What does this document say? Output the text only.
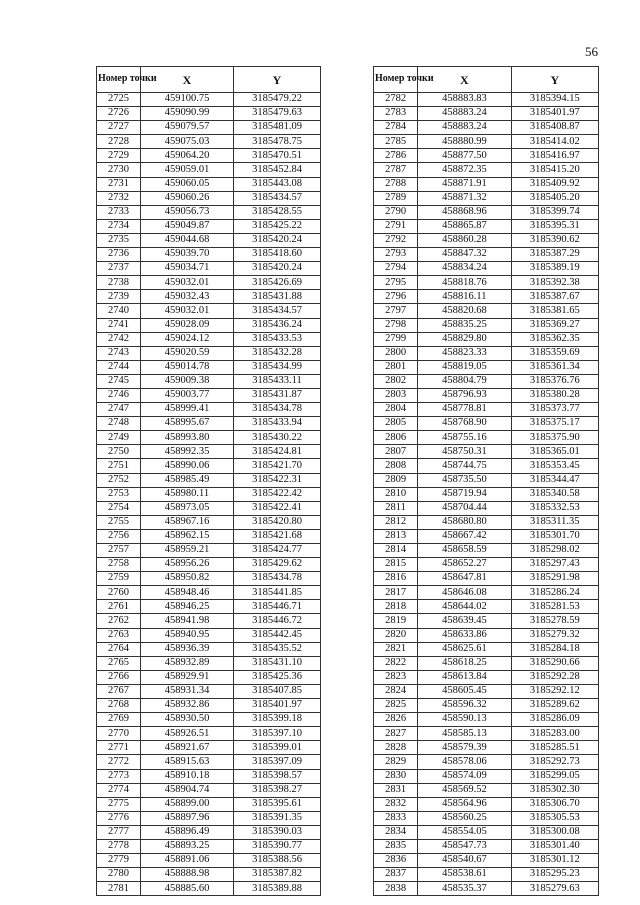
56
Номер точки	X	Y
2725	459100.75	3185479.22
2726	459090.99	3185479.63
2727	459079.57	3185481.09
2728	459075.03	3185478.75
2729	459064.20	3185470.51
2730	459059.01	3185452.84
2731	459060.05	3185443.08
2732	459060.26	3185434.57
2733	459056.73	3185428.55
2734	459049.87	3185425.22
2735	459044.68	3185420.24
2736	459039.70	3185418.60
2737	459034.71	3185420.24
2738	459032.01	3185426.69
2739	459032.43	3185431.88
2740	459032.01	3185434.57
2741	459028.09	3185436.24
2742	459024.12	3185433.53
2743	459020.59	3185432.28
2744	459014.78	3185434.99
2745	459009.38	3185433.11
2746	459003.77	3185431.87
2747	458999.41	3185434.78
2748	458995.67	3185433.94
2749	458993.80	3185430.22
2750	458992.35	3185424.81
2751	458990.06	3185421.70
2752	458985.49	3185422.31
2753	458980.11	3185422.42
2754	458973.05	3185422.41
2755	458967.16	3185420.80
2756	458962.15	3185421.68
2757	458959.21	3185424.77
2758	458956.26	3185429.62
2759	458950.82	3185434.78
2760	458948.46	3185441.85
2761	458946.25	3185446.71
2762	458941.98	3185446.72
2763	458940.95	3185442.45
2764	458936.39	3185435.52
2765	458932.89	3185431.10
2766	458929.91	3185425.36
2767	458931.34	3185407.85
2768	458932.86	3185401.97
2769	458930.50	3185399.18
2770	458926.51	3185397.10
2771	458921.67	3185399.01
2772	458915.63	3185397.09
2773	458910.18	3185398.57
2774	458904.74	3185398.27
2775	458899.00	3185395.61
2776	458897.96	3185391.35
2777	458896.49	3185390.03
2778	458893.25	3185390.77
2779	458891.06	3185388.56
2780	458888.98	3185387.82
2781	458885.60	3185389.88
Номер точки	X	Y
2782	458883.83	3185394.15
2783	458883.24	3185401.97
2784	458883.24	3185408.87
2785	458880.99	3185414.02
2786	458877.50	3185416.97
2787	458872.35	3185415.20
2788	458871.91	3185409.92
2789	458871.32	3185405.20
2790	458868.96	3185399.74
2791	458865.87	3185395.31
2792	458860.28	3185390.62
2793	458847.32	3185387.29
2794	458834.24	3185389.19
2795	458818.76	3185392.38
2796	458816.11	3185387.67
2797	458820.68	3185381.65
2798	458835.25	3185369.27
2799	458829.80	3185362.35
2800	458823.33	3185359.69
2801	458819.05	3185361.34
2802	458804.79	3185376.76
2803	458796.93	3185380.28
2804	458778.81	3185373.77
2805	458768.90	3185375.17
2806	458755.16	3185375.90
2807	458750.31	3185365.01
2808	458744.75	3185353.45
2809	458735.50	3185344.47
2810	458719.94	3185340.58
2811	458704.44	3185332.53
2812	458680.80	3185311.35
2813	458667.42	3185301.70
2814	458658.59	3185298.02
2815	458652.27	3185297.43
2816	458647.81	3185291.98
2817	458646.08	3185286.24
2818	458644.02	3185281.53
2819	458639.45	3185278.59
2820	458633.86	3185279.32
2821	458625.61	3185284.18
2822	458618.25	3185290.66
2823	458613.84	3185292.28
2824	458605.45	3185292.12
2825	458596.32	3185289.62
2826	458590.13	3185286.09
2827	458585.13	3185283.00
2828	458579.39	3185285.51
2829	458578.06	3185292.73
2830	458574.09	3185299.05
2831	458569.52	3185302.30
2832	458564.96	3185306.70
2833	458560.25	3185305.53
2834	458554.05	3185300.08
2835	458547.73	3185301.40
2836	458540.67	3185301.12
2837	458538.61	3185295.23
2838	458535.37	3185279.63
